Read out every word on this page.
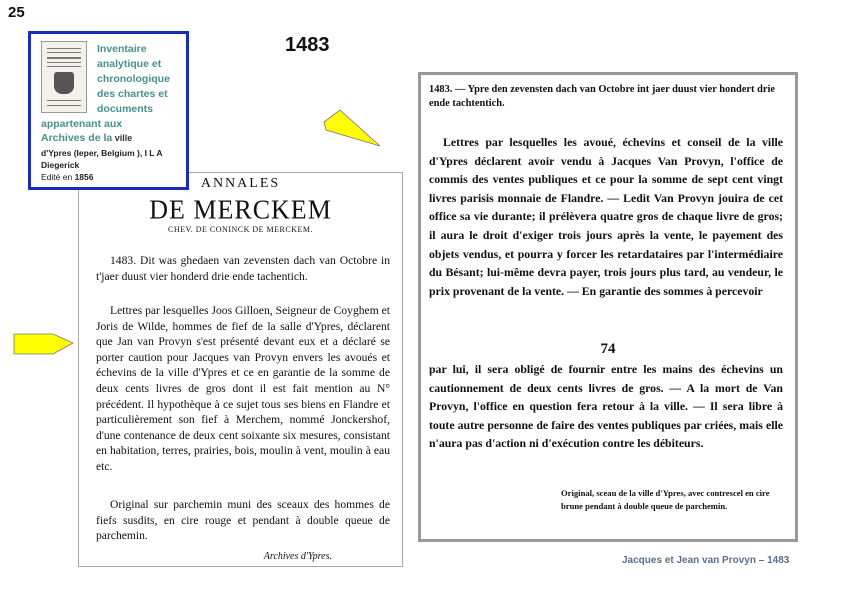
25
1483
ANNALES
DE MERCKEM
CHEV. DE CONINCK DE MERCKEM.
1483. Dit was ghedaen van zevensten dach van Octobre in t'jaer duust vier honderd drie ende tachentich.
Lettres par lesquelles Joos Gilloen, Seigneur de Coyghem et Joris de Wilde, hommes de fief de la salle d'Ypres, déclarent que Jan van Provyn s'est présenté devant eux et a déclaré se porter caution pour Jacques van Provyn envers les avoués et échevins de la ville d'Ypres et ce en garantie de la somme de deux cents livres de gros dont il est fait mention au N° précédent. Il hypothèque à ce sujet tous ses biens en Flandre et particulièrement son fief à Merchem, nommé Jonckershof, d'une contenance de deux cent soixante six mesures, consistant en habitation, terres, prairies, bois, moulin à vent, moulin à eau etc.
Original sur parchemin muni des sceaux des hommes de fiefs susdits, en cire rouge et pendant à double queue de parchemin.
Archives d'Ypres.
Inventaire
analytique et
chronologique
des chartes et
documents
appartenant aux
Archives de la ville
d'Ypres (Ieper, Belgium ), I L A
Diegerick
Edité en 1856
1483. — Ypre den zevensten dach van Octobre int jaer duust vier hondert drie ende tachtentich.
Lettres par lesquelles les avoué, échevins et conseil de la ville d'Ypres déclarent avoir vendu à Jacques Van Provyn, l'office de commis des ventes publiques et ce pour la somme de sept cent vingt livres parisis monnaie de Flandre. — Ledit Van Provyn jouira de cet office sa vie durante; il prélèvera quatre gros de chaque livre de gros; il aura le droit d'exiger trois jours après la vente, le payement des objets vendus, et pourra y forcer les retardataires par l'intermédiaire du Bésant; lui-même devra payer, trois jours plus tard, au vendeur, le prix provenant de la vente. — En garantie des sommes à percevoir
74
par lui, il sera obligé de fournir entre les mains des échevins un cautionnement de deux cents livres de gros. — A la mort de Van Provyn, l'office en question fera retour à la ville. — Il sera libre à toute autre personne de faire des ventes publiques par criées, mais elle n'aura pas d'action ni d'exécution contre les débiteurs.
Original, sceau de la ville d'Ypres, avec contrescel en cire brune pendant à double queue de parchemin.
Jacques et Jean van Provyn – 1483
